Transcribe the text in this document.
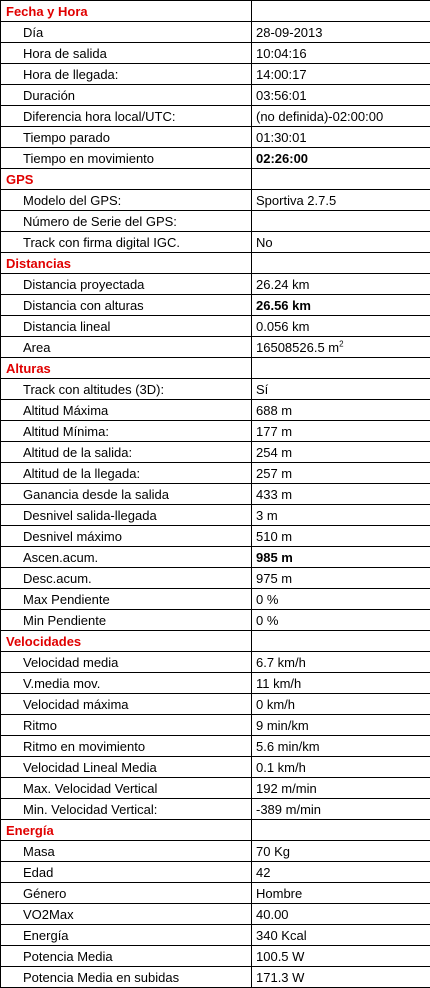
Fecha y Hora	
Día	28-09-2013
Hora de salida	10:04:16
Hora de llegada:	14:00:17
Duración	03:56:01
Diferencia hora local/UTC:	(no definida)-02:00:00
Tiempo parado	01:30:01
Tiempo en movimiento	02:26:00
GPS	
Modelo del GPS:	Sportiva 2.7.5
Número de Serie del GPS:	
Track con firma digital IGC.	No
Distancias	
Distancia proyectada	26.24 km
Distancia con alturas	26.56 km
Distancia lineal	0.056 km
Area	16508526.5 $m^2$
Alturas	
Track con altitudes (3D):	Sí
Altitud Máxima	688 m
Altitud Mínima:	177 m
Altitud de la salida:	254 m
Altitud de la llegada:	257 m
Ganancia desde la salida	433 m
Desnivel salida-llegada	3 m
Desnivel máximo	510 m
Ascen.acum.	985 m
Desc.acum.	975 m
Max Pendiente	0 %
Min Pendiente	0 %
Velocidades	
Velocidad media	6.7 km/h
V.media mov.	11 km/h
Velocidad máxima	0 km/h
Ritmo	9 min/km
Ritmo en movimiento	5.6 min/km
Velocidad Lineal Media	0.1 km/h
Max. Velocidad Vertical	192 m/min
Min. Velocidad Vertical:	-389 m/min
Energía	
Masa	70 Kg
Edad	42
Género	Hombre
VO2Max	40.00
Energía	340 Kcal
Potencia Media	100.5 W
Potencia Media en subidas	171.3 W
